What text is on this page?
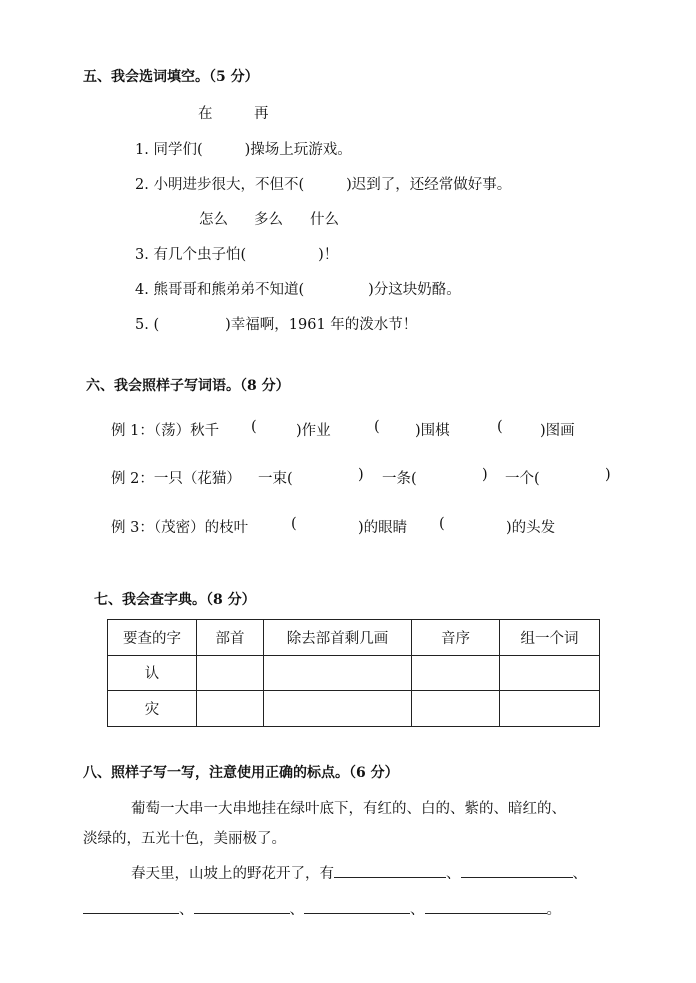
五、我会选词填空。（5 分）
在	再
1. 同学们(	)操场上玩游戏。
2. 小明进步很大，不但不(	)迟到了，还经常做好事。
怎么 多么 什么
3. 有几个虫子怕(	)！
4. 熊哥哥和熊弟弟不知道(	)分这块奶酪。
5. (	)幸福啊，1961 年的泼水节！
六、我会照样子写词语。（8 分）
例 1：（荡）秋千 (	)作业	( )围棋	(	)图画
例 2：一只（花猫） 一束(	) 一条(	) 一个(	)
例 3：（茂密）的枝叶	(	)的眼睛 (	)的头发
七、我会查字典。（8 分）
要查的字	部首	除去部首剩几画	音序	组一个词
认				
灾				
八、照样子写一写，注意使用正确的标点。（6 分）
葡萄一大串一大串地挂在绿叶底下，有红的、白的、紫的、暗红的、
淡绿的，五光十色，美丽极了。
春天里，山坡上的野花开了，有	、	、
、	、	、	。
